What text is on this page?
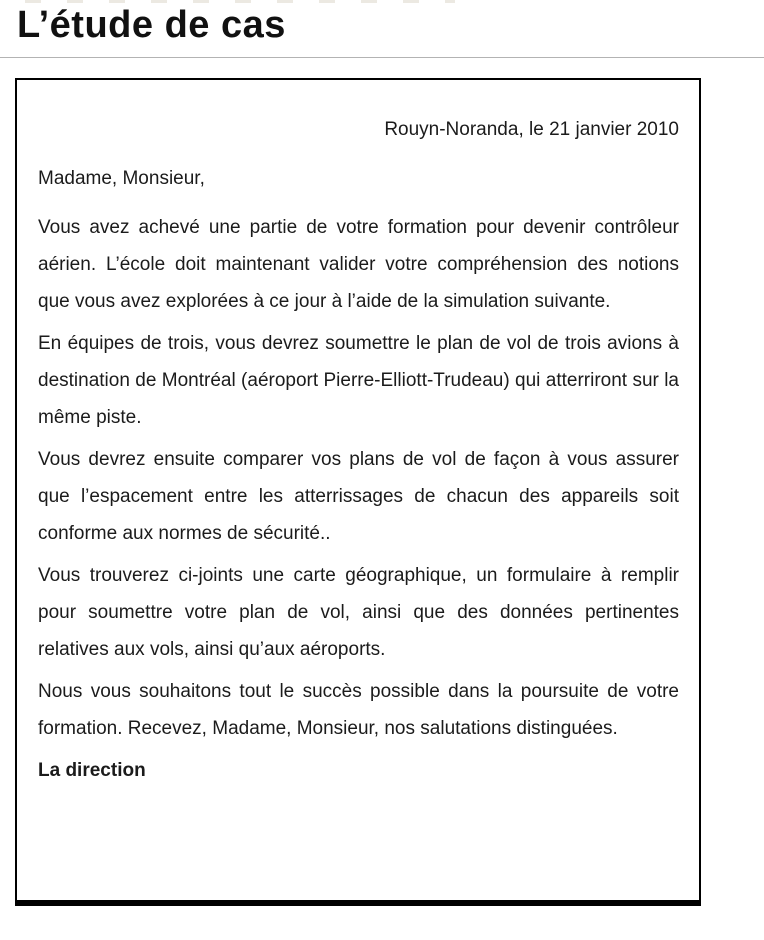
L’étude de cas

Rouyn-Noranda, le 21 janvier 2010

Madame, Monsieur,

Vous avez achevé une partie de votre formation pour devenir contrôleur aérien. L’école doit maintenant valider votre compréhension des notions que vous avez explorées à ce jour à l’aide de la simulation suivante.

En équipes de trois, vous devrez soumettre le plan de vol de trois avions à destination de Montréal (aéroport Pierre-Elliott-Trudeau) qui atterriront sur la même piste.

Vous devrez ensuite comparer vos plans de vol de façon à vous assurer que l’espacement entre les atterrissages de chacun des appareils soit conforme aux normes de sécurité..

Vous trouverez ci-joints une carte géographique, un formulaire à remplir pour soumettre votre plan de vol, ainsi que des données pertinentes relatives aux vols, ainsi qu’aux aéroports.

Nous vous souhaitons tout le succès possible dans la poursuite de votre formation. Recevez, Madame, Monsieur, nos salutations distinguées.

La direction
